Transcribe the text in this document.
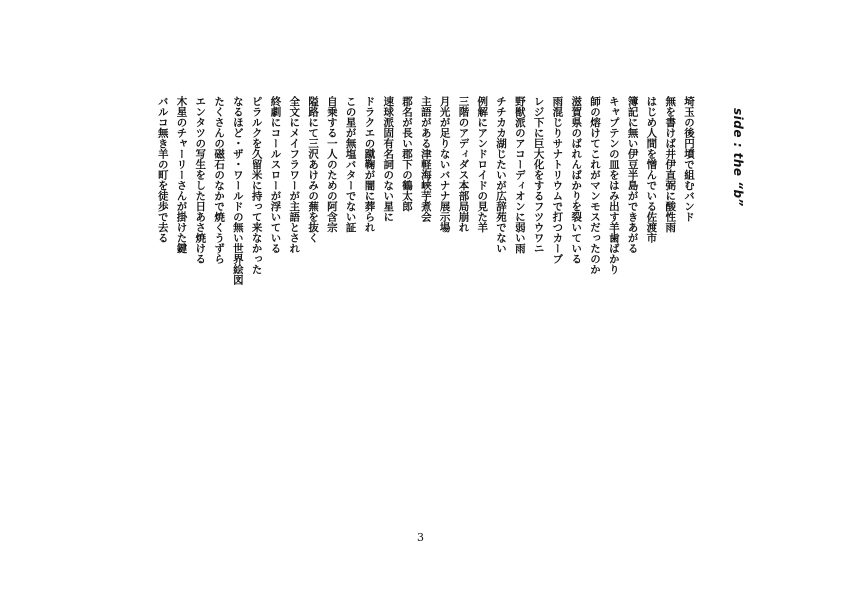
side : the “b”
埼玉の後円墳で組むバンド
無を書けば井伊直弼に酸性雨
はじめ人間を憎んでいる佐渡市
簿記に無い伊豆半島ができあがる
キャプテンの皿をはみ出す羊歯ばかり
師の熔けてこれがマンモスだったのか
滋賀県のばれんばかりを裂いている
雨混じりサナトリウムで打つカーブ
レジ下に巨大化をするフツウワニ
野獣派のアコーディオンに弱い雨
チチカカ湖じたいが広辞苑でない
例解にアンドロイドの見た羊
三階のアディダス本部局崩れ
月光が足りないバナナ展示場
主語がある津軽海峡芋煮会
郡名が長い郡下の鶴太郎
速球派固有名詞のない星に
ドラクエの蹴鞠が闇に葬られ
この星が無塩バターでない証
自乗する一人のための阿含宗
隘路にて三沢あけみの蕪を抜く
全文にメイフラワーが主語とされ
終劇にコールスローが浮いている
ピラルクを久留米に持って来なかった
なるほど・ザ・ワールドの無い世界絵図
たくさんの磁石のなかで焼くうずら
エンタツの写生をした日あさ焼ける
木星のチャーリーさんが掛けた鍵
バルコ無き羊の町を徒歩で去る
3
